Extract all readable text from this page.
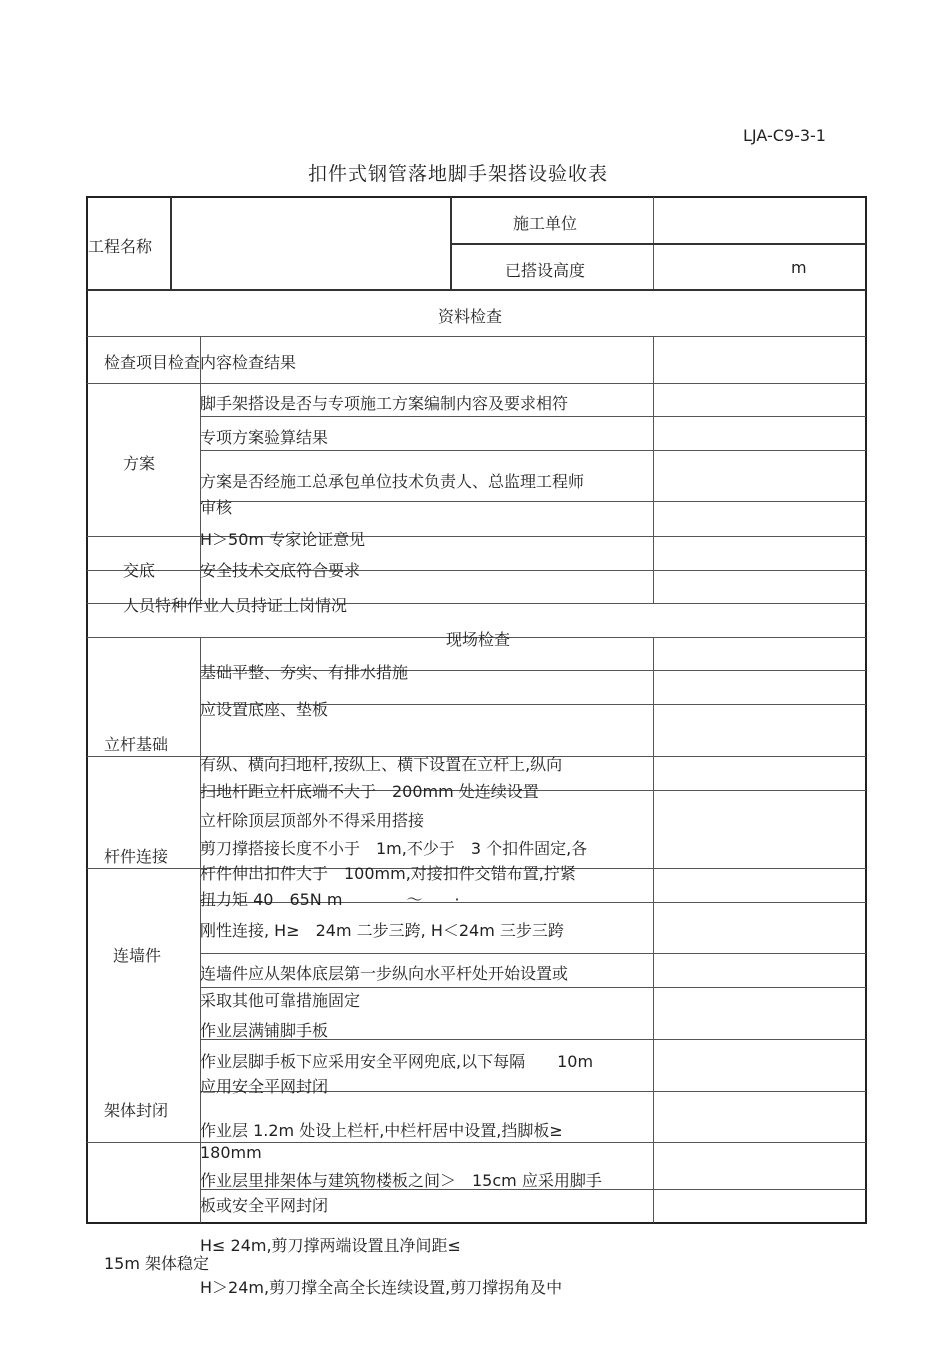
LJA-C9-3-1
扣件式钢管落地脚手架搭设验收表
工程名称
施工单位
已搭设高度	m
资料检查
检查项目检查内容检查结果
方案
脚手架搭设是否与专项施工方案编制内容及要求相符
专项方案验算结果
方案是否经施工总承包单位技术负责人、总监理工程师
审核
H＞50m 专家论证意见
交底	安全技术交底符合要求
人员特种作业人员持证上岗情况
现场检查
立杆基础
基础平整、夯实、有排水措施
应设置底座、垫板
有纵、横向扫地杆,按纵上、横下设置在立杆上,纵向
扫地杆距立杆底端不大于　200mm 处连续设置
杆件连接
立杆除顶层顶部外不得采用搭接
剪刀撑搭接长度不小于　1m,不少于　3 个扣件固定,各
杆件伸出扣件大于　100mm,对接扣件交错布置,拧紧
扭力矩 40　65N m　　　　～　　·
连墙件
刚性连接, H≥　24m 二步三跨, H＜24m 三步三跨
连墙件应从架体底层第一步纵向水平杆处开始设置或
采取其他可靠措施固定
架体封闭
作业层满铺脚手板
作业层脚手板下应采用安全平网兜底,以下每隔　　10m
应用安全平网封闭
作业层 1.2m 处设上栏杆,中栏杆居中设置,挡脚板≥
180mm
作业层里排架体与建筑物楼板之间＞　15cm 应采用脚手
板或安全平网封闭
H≤ 24m,剪刀撑两端设置且净间距≤
15m 架体稳定
H＞24m,剪刀撑全高全长连续设置,剪刀撑拐角及中
